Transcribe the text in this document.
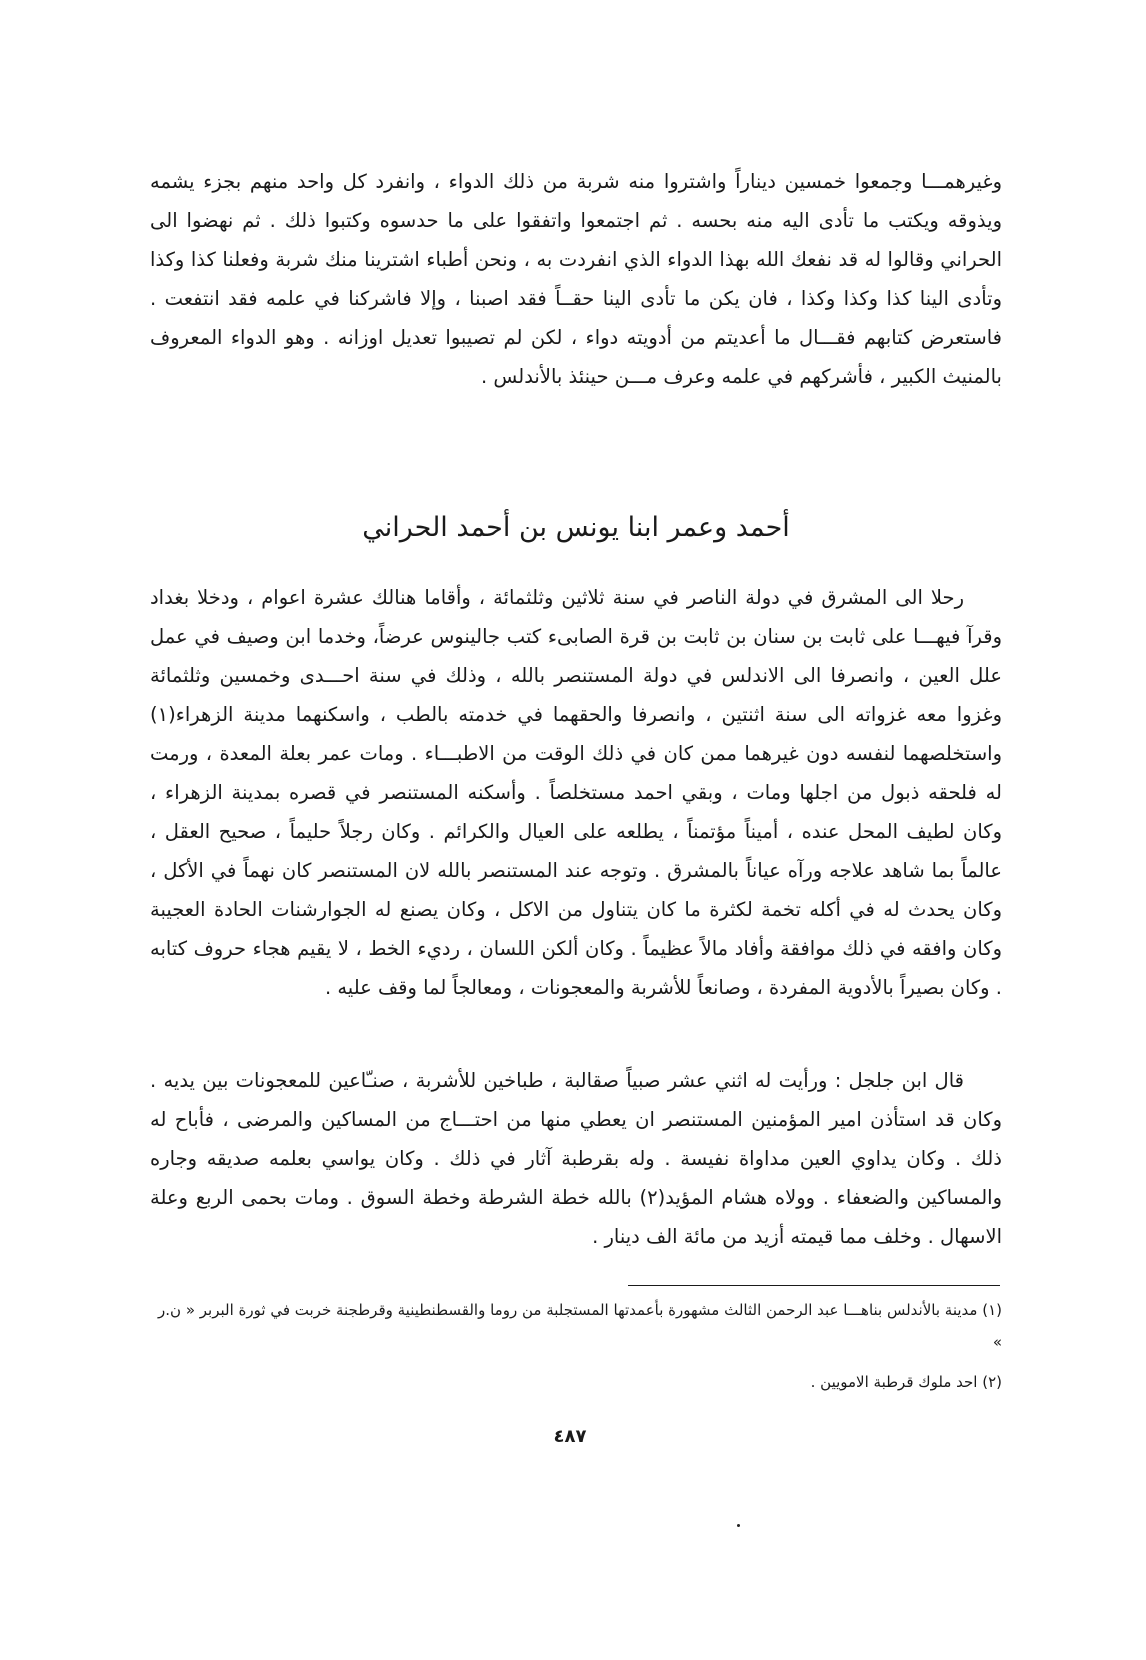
وغيرهمـــا وجمعوا خمسين ديناراً واشتروا منه شربة من ذلك الدواء ، وانفرد كل واحد منهم بجزء يشمه ويذوقه ويكتب ما تأدى اليه منه بحسه . ثم اجتمعوا واتفقوا على ما حدسوه وكتبوا ذلك . ثم نهضوا الى الحراني وقالوا له قد نفعك الله بهذا الدواء الذي انفردت به ، ونحن أطباء اشترينا منك شربة وفعلنا كذا وكذا وتأدى الينا كذا وكذا وكذا ، فان يكن ما تأدى الينا حقــاً فقد اصبنا ، وإلا فاشركنا في علمه فقد انتفعت . فاستعرض كتابهم فقـــال ما أعديتم من أدويته دواء ، لكن لم تصيبوا تعديل اوزانه . وهو الدواء المعروف بالمنيث الكبير ، فأشركهم في علمه وعرف مـــن حينئذ بالأندلس .

أحمد وعمر ابنا يونس بن أحمد الحراني

رحلا الى المشرق في دولة الناصر في سنة ثلاثين وثلثمائة ، وأقاما هنالك عشرة اعوام ، ودخلا بغداد وقرآ فيهـــا على ثابت بن سنان بن ثابت بن قرة الصابىء كتب جالينوس عرضاً، وخدما ابن وصيف في عمل علل العين ، وانصرفا الى الاندلس في دولة المستنصر بالله ، وذلك في سنة احـــدى وخمسين وثلثمائة وغزوا معه غزواته الى سنة اثنتين ، وانصرفا والحقهما في خدمته بالطب ، واسكنهما مدينة الزهراء(١) واستخلصهما لنفسه دون غيرهما ممن كان في ذلك الوقت من الاطبـــاء . ومات عمر بعلة المعدة ، ورمت له فلحقه ذبول من اجلها ومات ، وبقي احمد مستخلصاً . وأسكنه المستنصر في قصره بمدينة الزهراء ، وكان لطيف المحل عنده ، أميناً مؤتمناً ، يطلعه على العيال والكرائم . وكان رجلاً حليماً ، صحيح العقل ، عالماً بما شاهد علاجه ورآه عياناً بالمشرق . وتوجه عند المستنصر بالله لان المستنصر كان نهماً في الأكل ، وكان يحدث له في أكله تخمة لكثرة ما كان يتناول من الاكل ، وكان يصنع له الجوارشنات الحادة العجيبة وكان وافقه في ذلك موافقة وأفاد مالاً عظيماً . وكان ألكن اللسان ، رديء الخط ، لا يقيم هجاء حروف كتابه . وكان بصيراً بالأدوية المفردة ، وصانعاً للأشربة والمعجونات ، ومعالجاً لما وقف عليه .

قال ابن جلجل : ورأيت له اثني عشر صبياً صقالبة ، طباخين للأشربة ، صنـّاعين للمعجونات بين يديه . وكان قد استأذن امير المؤمنين المستنصر ان يعطي منها من احتـــاج من المساكين والمرضى ، فأباح له ذلك . وكان يداوي العين مداواة نفيسة . وله بقرطبة آثار في ذلك . وكان يواسي بعلمه صديقه وجاره والمساكين والضعفاء . وولاه هشام المؤيد(٢) بالله خطة الشرطة وخطة السوق . ومات بحمى الربع وعلة الاسهال . وخلف مما قيمته أزيد من مائة الف دينار .

(١) مدينة بالأندلس بناهـــا عبد الرحمن الثالث مشهورة بأعمدتها المستجلبة من روما والقسطنطينية وقرطجنة خربت في ثورة البربر « ن.ر »

(٢) احد ملوك قرطبة الامويين .

٤٨٧
